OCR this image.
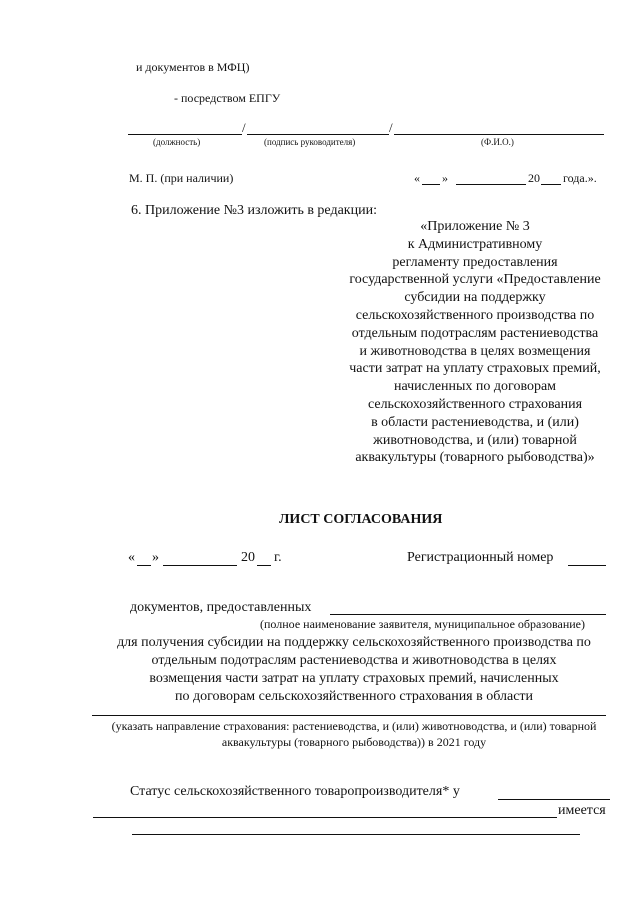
и документов в МФЦ)
- посредством ЕПГУ
/	/
(должность)	(подпись руководителя)	(Ф.И.О.)
М. П. (при наличии)	« »	20 года.».
6. Приложение №3 изложить в редакции:
«Приложение № 3
к Административному
регламенту предоставления
государственной услуги «Предоставление
субсидии на поддержку
сельскохозяйственного производства по
отдельным подотраслям растениеводства
и животноводства в целях возмещения
части затрат на уплату страховых премий,
начисленных по договорам
сельскохозяйственного страхования
в области растениеводства, и (или)
животноводства, и (или) товарной
аквакультуры (товарного рыбоводства)»
ЛИСТ СОГЛАСОВАНИЯ
« »	20 г.	Регистрационный номер
документов, предоставленных
(полное наименование заявителя, муниципальное образование)
для получения субсидии на поддержку сельскохозяйственного производства по
отдельным подотраслям растениеводства и животноводства в целях
возмещения части затрат на уплату страховых премий, начисленных
по договорам сельскохозяйственного страхования в области
(указать направление страхования: растениеводства, и (или) животноводства, и (или) товарной
аквакультуры (товарного рыбоводства)) в 2021 году
Статус сельскохозяйственного товаропроизводителя* у
имеется
